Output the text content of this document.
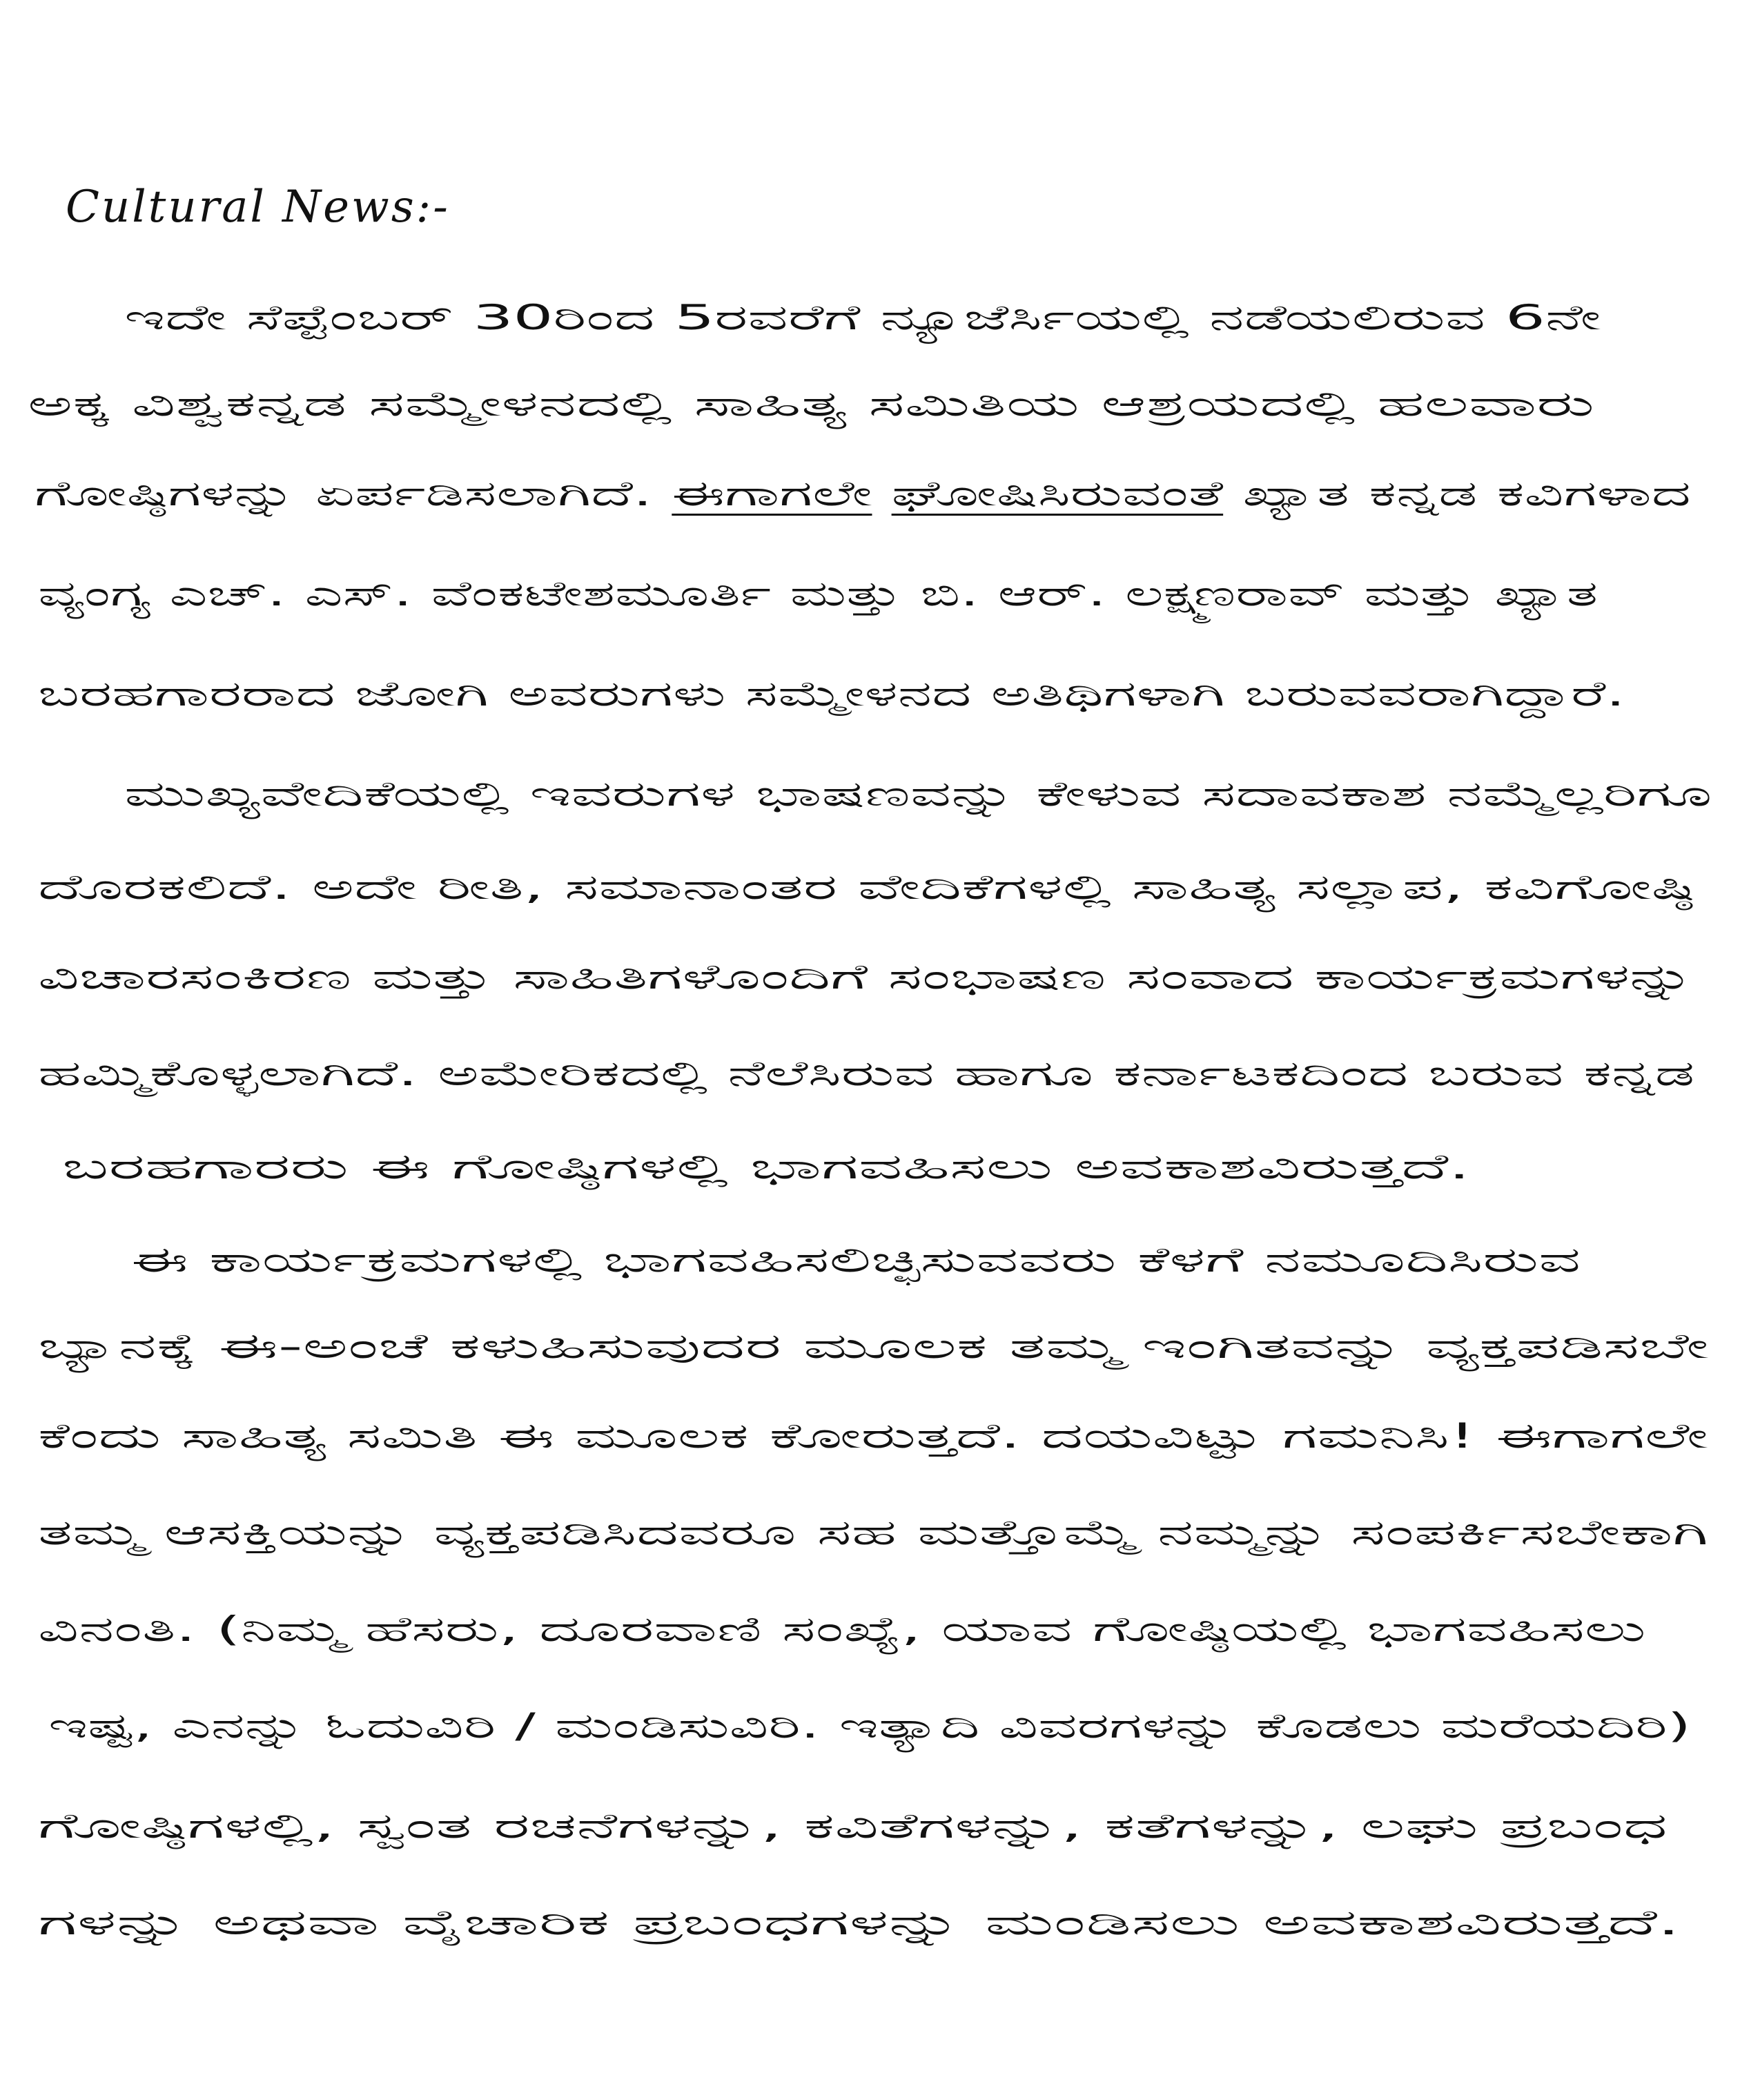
Cultural News:-
ಇದೇ ಸೆಪ್ಟೆಂಬರ್ 30ರಿಂದ 5ರವರೆಗೆ ನ್ಯೂಜೆರ್ಸಿಯಲ್ಲಿ ನಡೆಯಲಿರುವ 6ನೇ
ಅಕ್ಕ ವಿಶ್ವಕನ್ನಡ ಸಮ್ಮೇಳನದಲ್ಲಿ ಸಾಹಿತ್ಯ ಸಮಿತಿಯ ಆಶ್ರಯದಲ್ಲಿ ಹಲವಾರು
ಗೋಷ್ಠಿಗಳನ್ನು ಏರ್ಪಡಿಸಲಾಗಿದೆ. ಈಗಾಗಲೇ ಘೋಷಿಸಿರುವಂತೆ ಖ್ಯಾತ ಕನ್ನಡ ಕವಿಗಳಾದ
ವ್ಯಂಗ್ಯ ಎಚ್. ಎಸ್. ವೆಂಕಟೇಶಮೂರ್ತಿ ಮತ್ತು ಬಿ. ಆರ್. ಲಕ್ಷ್ಮಣರಾವ್ ಮತ್ತು ಖ್ಯಾತ
ಬರಹಗಾರರಾದ ಜೋಗಿ ಅವರುಗಳು ಸಮ್ಮೇಳನದ ಅತಿಥಿಗಳಾಗಿ ಬರುವವರಾಗಿದ್ದಾರೆ.
ಮುಖ್ಯವೇದಿಕೆಯಲ್ಲಿ ಇವರುಗಳ ಭಾಷಣವನ್ನು ಕೇಳುವ ಸದಾವಕಾಶ ನಮ್ಮೆಲ್ಲರಿಗೂ
ದೊರಕಲಿದೆ. ಅದೇ ರೀತಿ, ಸಮಾನಾಂತರ ವೇದಿಕೆಗಳಲ್ಲಿ ಸಾಹಿತ್ಯ ಸಲ್ಲಾಪ, ಕವಿಗೋಷ್ಠಿ
ವಿಚಾರಸಂಕಿರಣ ಮತ್ತು ಸಾಹಿತಿಗಳೊಂದಿಗೆ ಸಂಭಾಷಣ ಸಂವಾದ ಕಾರ್ಯಕ್ರಮಗಳನ್ನು
ಹಮ್ಮಿಕೊಳ್ಳಲಾಗಿದೆ. ಅಮೇರಿಕದಲ್ಲಿ ನೆಲೆಸಿರುವ ಹಾಗೂ ಕರ್ನಾಟಕದಿಂದ ಬರುವ ಕನ್ನಡ
ಬರಹಗಾರರು ಈ ಗೋಷ್ಠಿಗಳಲ್ಲಿ ಭಾಗವಹಿಸಲು ಅವಕಾಶವಿರುತ್ತದೆ.
ಈ ಕಾರ್ಯಕ್ರಮಗಳಲ್ಲಿ ಭಾಗವಹಿಸಲಿಚ್ಛಿಸುವವರು ಕೆಳಗೆ ನಮೂದಿಸಿರುವ
ಬ್ಯಾನಕ್ಕೆ ಈ-ಅಂಚೆ ಕಳುಹಿಸುವುದರ ಮೂಲಕ ತಮ್ಮ ಇಂಗಿತವನ್ನು ವ್ಯಕ್ತಪಡಿಸಬೇ
ಕೆಂದು ಸಾಹಿತ್ಯ ಸಮಿತಿ ಈ ಮೂಲಕ ಕೋರುತ್ತದೆ. ದಯವಿಟ್ಟು ಗಮನಿಸಿ! ಈಗಾಗಲೇ
ತಮ್ಮ ಆಸಕ್ತಿಯನ್ನು ವ್ಯಕ್ತಪಡಿಸಿದವರೂ ಸಹ ಮತ್ತೊಮ್ಮೆ ನಮ್ಮನ್ನು ಸಂಪರ್ಕಿಸಬೇಕಾಗಿ
ವಿನಂತಿ. (ನಿಮ್ಮ ಹೆಸರು, ದೂರವಾಣಿ ಸಂಖ್ಯೆ, ಯಾವ ಗೋಷ್ಠಿಯಲ್ಲಿ ಭಾಗವಹಿಸಲು
ಇಷ್ಟ, ಎನನ್ನು ಓದುವಿರಿ / ಮಂಡಿಸುವಿರಿ. ಇತ್ಯಾದಿ ವಿವರಗಳನ್ನು ಕೊಡಲು ಮರೆಯದಿರಿ)
ಗೋಷ್ಠಿಗಳಲ್ಲಿ, ಸ್ವಂತ ರಚನೆಗಳನ್ನು, ಕವಿತೆಗಳನ್ನು, ಕತೆಗಳನ್ನು, ಲಘು ಪ್ರಬಂಧ
ಗಳನ್ನು ಅಥವಾ ವೈಚಾರಿಕ ಪ್ರಬಂಧಗಳನ್ನು ಮಂಡಿಸಲು ಅವಕಾಶವಿರುತ್ತದೆ.
